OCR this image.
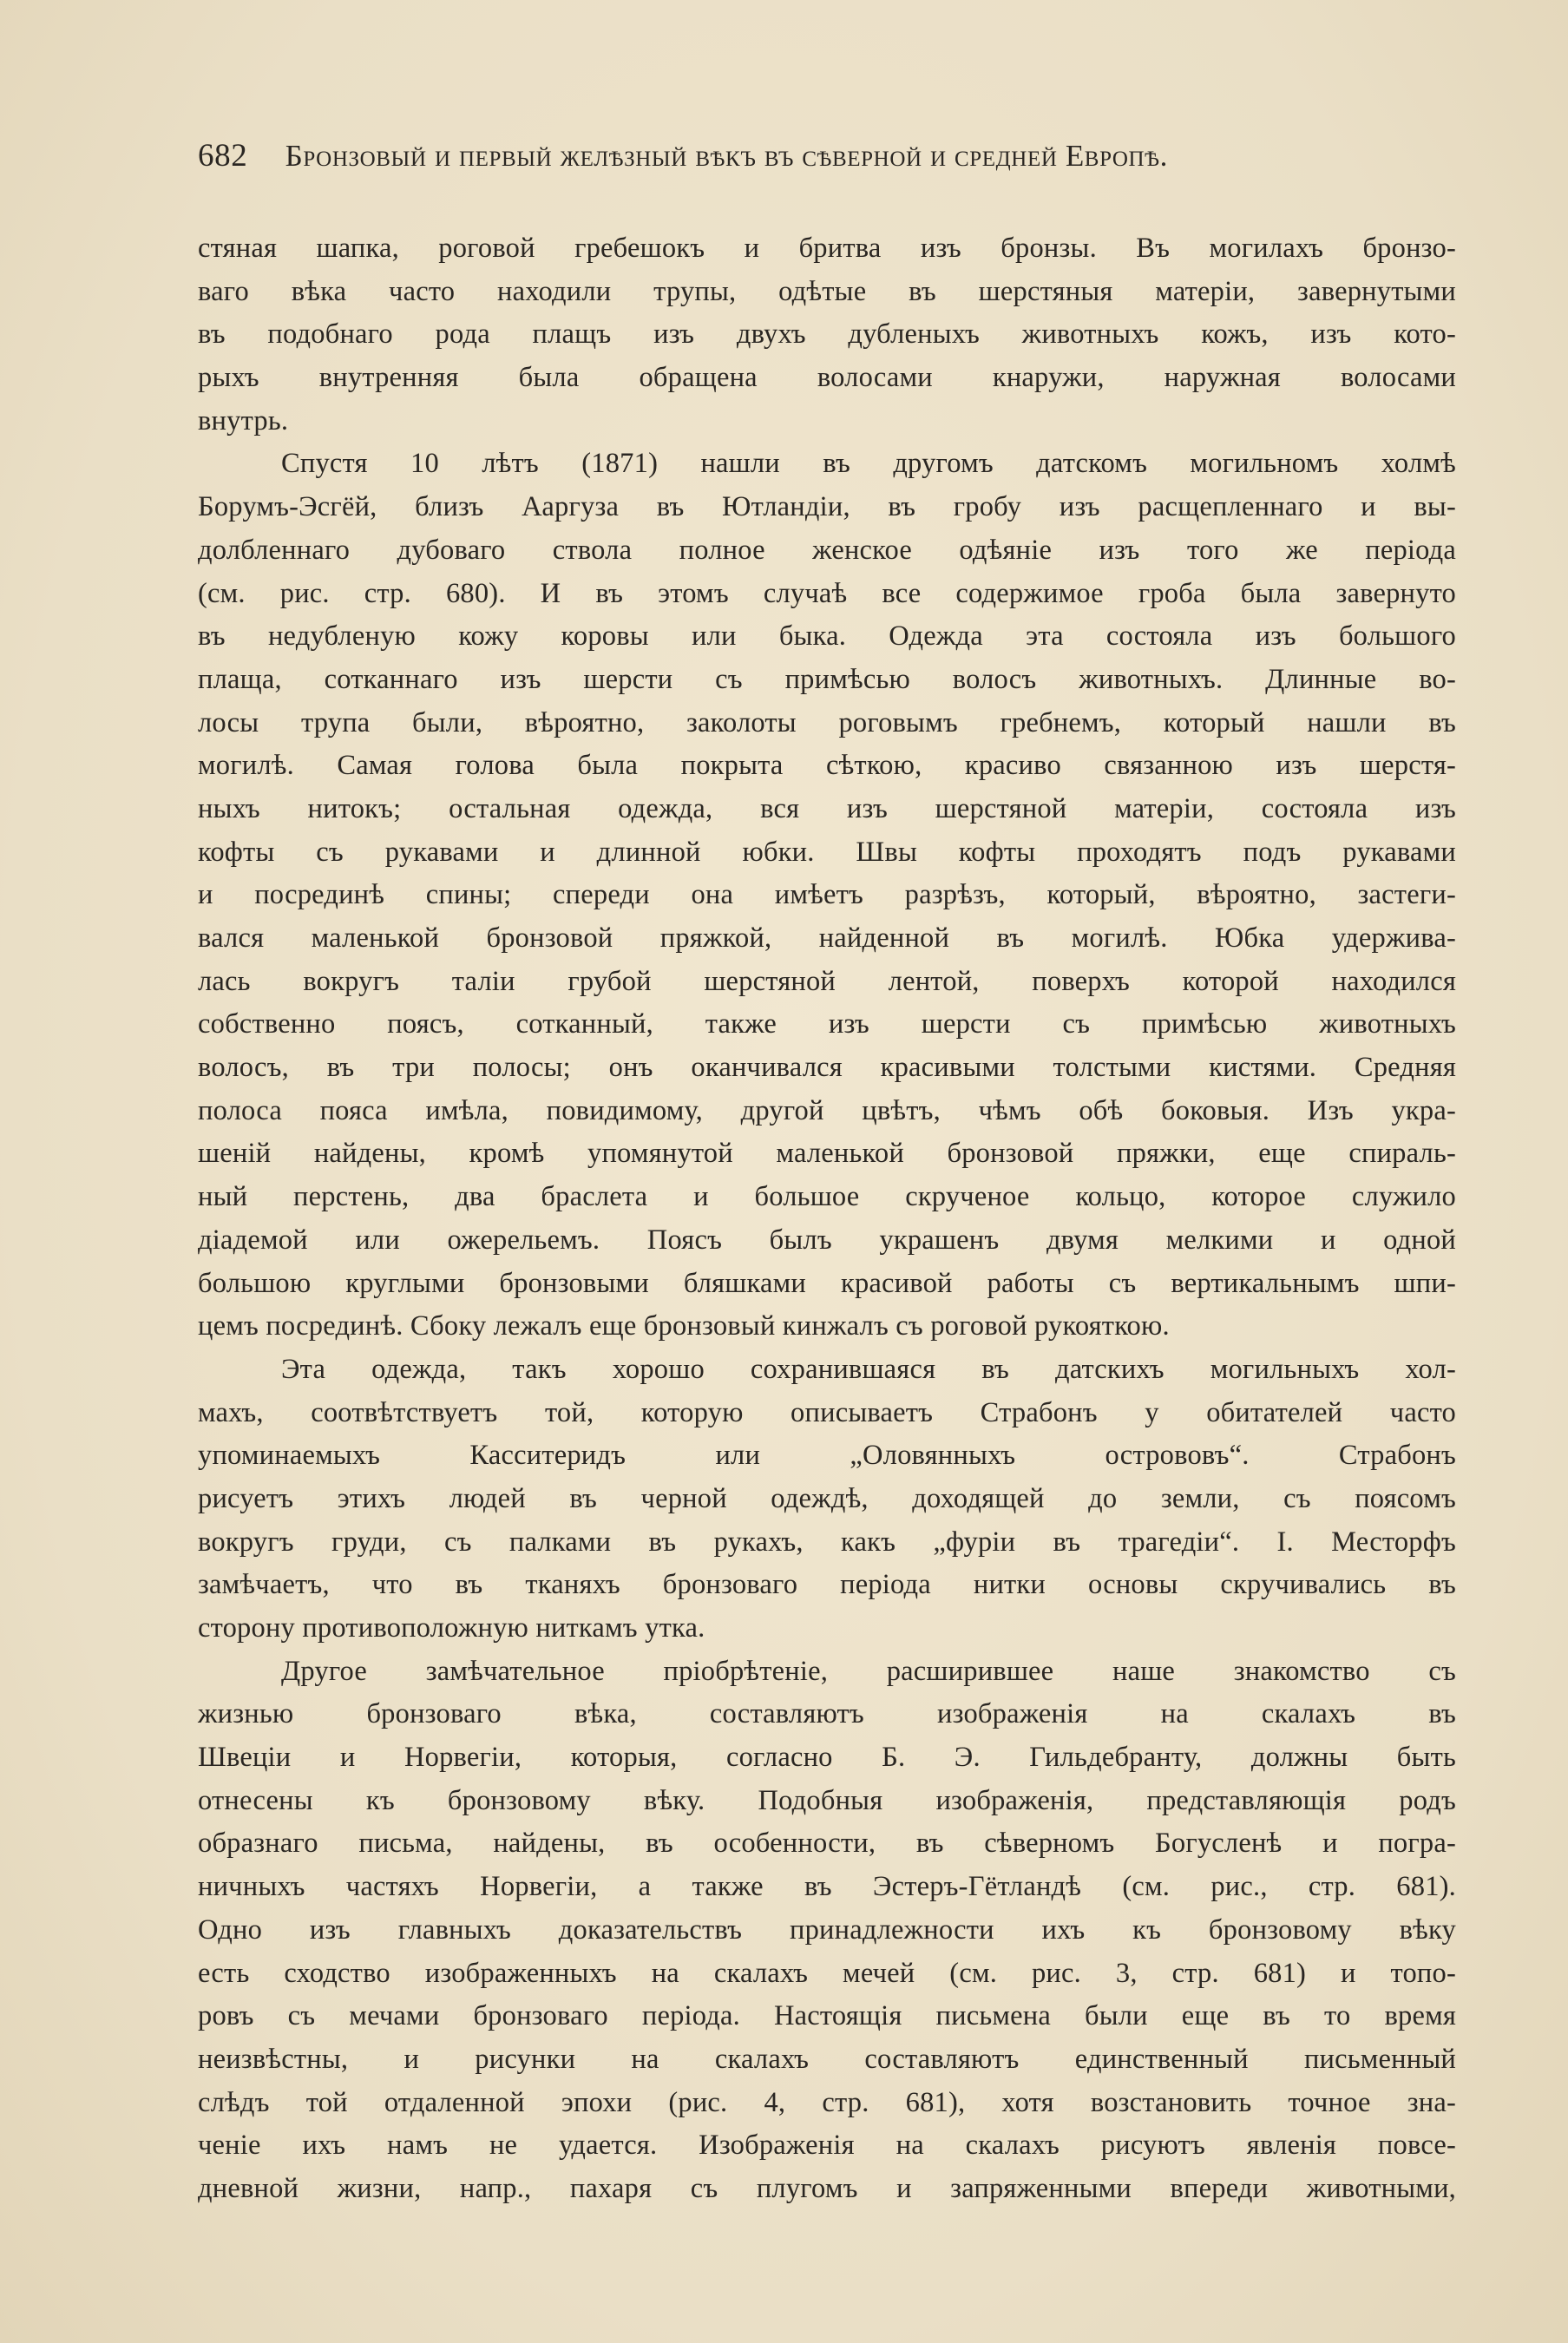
682 Бронзовый и первый желѣзный вѣкъ въ сѣверной и средней Европѣ.
стяная шапка, роговой гребешокъ и бритва изъ бронзы. Въ могилахъ бронзо-
ваго вѣка часто находили трупы, одѣтые въ шерстяныя матеріи, завернутыми
въ подобнаго рода плащъ изъ двухъ дубленыхъ животныхъ кожъ, изъ кото-
рыхъ внутренняя была обращена волосами кнаружи, наружная волосами
внутрь.
Спустя 10 лѣтъ (1871) нашли въ другомъ датскомъ могильномъ холмѣ
Борумъ-Эсгёй, близъ Ааргуза въ Ютландіи, въ гробу изъ расщепленнаго и вы-
долбленнаго дубоваго ствола полное женское одѣяніе изъ того же періода
(см. рис. стр. 680). И въ этомъ случаѣ все содержимое гроба была завернуто
въ недубленую кожу коровы или быка. Одежда эта состояла изъ большого
плаща, сотканнаго изъ шерсти съ примѣсью волосъ животныхъ. Длинные во-
лосы трупа были, вѣроятно, заколоты роговымъ гребнемъ, который нашли въ
могилѣ. Самая голова была покрыта сѣткою, красиво связанною изъ шерстя-
ныхъ нитокъ; остальная одежда, вся изъ шерстяной матеріи, состояла изъ
кофты съ рукавами и длинной юбки. Швы кофты проходятъ подъ рукавами
и посрединѣ спины; спереди она имѣетъ разрѣзъ, который, вѣроятно, застеги-
вался маленькой бронзовой пряжкой, найденной въ могилѣ. Юбка удержива-
лась вокругъ таліи грубой шерстяной лентой, поверхъ которой находился
собственно поясъ, сотканный, также изъ шерсти съ примѣсью животныхъ
волосъ, въ три полосы; онъ оканчивался красивыми толстыми кистями. Средняя
полоса пояса имѣла, повидимому, другой цвѣтъ, чѣмъ обѣ боковыя. Изъ укра-
шеній найдены, кромѣ упомянутой маленькой бронзовой пряжки, еще спираль-
ный перстень, два браслета и большое скрученое кольцо, которое служило
діадемой или ожерельемъ. Поясъ былъ украшенъ двумя мелкими и одной
большою круглыми бронзовыми бляшками красивой работы съ вертикальнымъ шпи-
цемъ посрединѣ. Сбоку лежалъ еще бронзовый кинжалъ съ роговой рукояткою.
Эта одежда, такъ хорошо сохранившаяся въ датскихъ могильныхъ хол-
махъ, соотвѣтствуетъ той, которую описываетъ Страбонъ у обитателей часто
упоминаемыхъ Касситеридъ или „Оловянныхъ острововъ“. Страбонъ
рисуетъ этихъ людей въ черной одеждѣ, доходящей до земли, съ поясомъ
вокругъ груди, съ палками въ рукахъ, какъ „фуріи въ трагедіи“. І. Месторфъ
замѣчаетъ, что въ тканяхъ бронзоваго періода нитки основы скручивались въ
сторону противоположную ниткамъ утка.
Другое замѣчательное пріобрѣтеніе, расширившее наше знакомство съ
жизнью бронзоваго вѣка, составляютъ изображенія на скалахъ въ
Швеціи и Норвегіи, которыя, согласно Б. Э. Гильдебранту, должны быть
отнесены къ бронзовому вѣку. Подобныя изображенія, представляющія родъ
образнаго письма, найдены, въ особенности, въ сѣверномъ Богусленѣ и погра-
ничныхъ частяхъ Норвегіи, а также въ Эстеръ-Гётландѣ (см. рис., стр. 681).
Одно изъ главныхъ доказательствъ принадлежности ихъ къ бронзовому вѣку
есть сходство изображенныхъ на скалахъ мечей (см. рис. 3, стр. 681) и топо-
ровъ съ мечами бронзоваго періода. Настоящія письмена были еще въ то время
неизвѣстны, и рисунки на скалахъ составляютъ единственный письменный
слѣдъ той отдаленной эпохи (рис. 4, стр. 681), хотя возстановить точное зна-
ченіе ихъ намъ не удается. Изображенія на скалахъ рисуютъ явленія повсе-
дневной жизни, напр., пахаря съ плугомъ и запряженными впереди животными,
